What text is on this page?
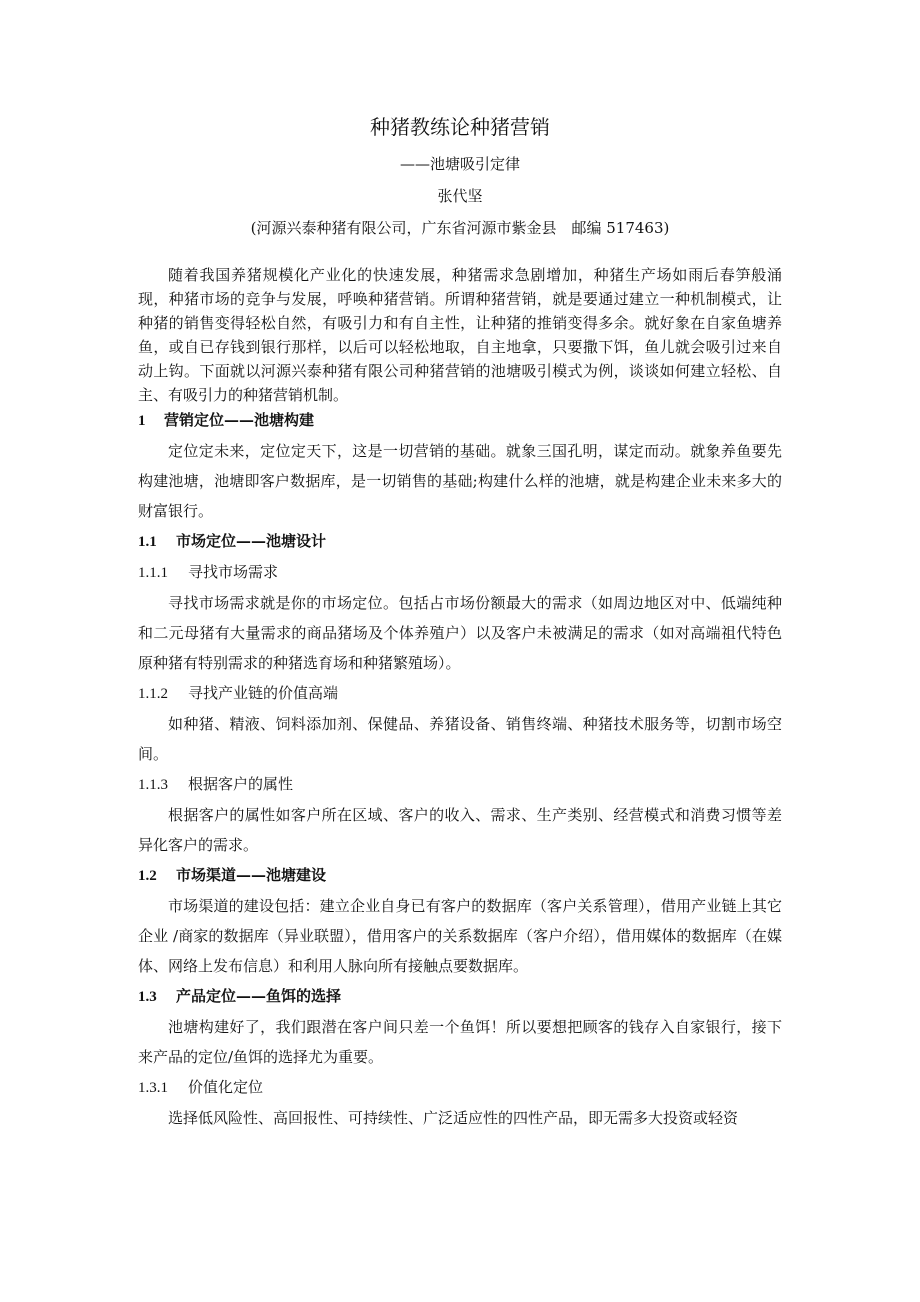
种猪教练论种猪营销
——池塘吸引定律
张代坚
(河源兴泰种猪有限公司，广东省河源市紫金县　邮编 517463)

随着我国养猪规模化产业化的快速发展，种猪需求急剧增加，种猪生产场如雨后春笋般涌现，种猪市场的竞争与发展，呼唤种猪营销。所谓种猪营销，就是要通过建立一种机制模式，让种猪的销售变得轻松自然，有吸引力和有自主性，让种猪的推销变得多余。就好象在自家鱼塘养鱼，或自已存钱到银行那样，以后可以轻松地取，自主地拿，只要撒下饵，鱼儿就会吸引过来自动上钩。下面就以河源兴泰种猪有限公司种猪营销的池塘吸引模式为例，谈谈如何建立轻松、自主、有吸引力的种猪营销机制。

1 营销定位——池塘构建

定位定未来，定位定天下，这是一切营销的基础。就象三国孔明，谋定而动。就象养鱼要先构建池塘，池塘即客户数据库，是一切销售的基础;构建什么样的池塘，就是构建企业未来多大的财富银行。

1.1 市场定位——池塘设计
1.1.1 寻找市场需求

寻找市场需求就是你的市场定位。包括占市场份额最大的需求（如周边地区对中、低端纯种和二元母猪有大量需求的商品猪场及个体养殖户）以及客户未被满足的需求（如对高端祖代特色原种猪有特别需求的种猪选育场和种猪繁殖场）。

1.1.2 寻找产业链的价值高端

如种猪、精液、饲料添加剂、保健品、养猪设备、销售终端、种猪技术服务等，切割市场空间。

1.1.3 根据客户的属性

根据客户的属性如客户所在区域、客户的收入、需求、生产类别、经营模式和消费习惯等差异化客户的需求。

1.2 市场渠道——池塘建设

市场渠道的建设包括：建立企业自身已有客户的数据库（客户关系管理），借用产业链上其它企业 /商家的数据库（异业联盟），借用客户的关系数据库（客户介绍），借用媒体的数据库（在媒体、网络上发布信息）和利用人脉向所有接触点要数据库。

1.3 产品定位——鱼饵的选择

池塘构建好了，我们跟潜在客户间只差一个鱼饵！所以要想把顾客的钱存入自家银行，接下来产品的定位/鱼饵的选择尤为重要。

1.3.1 价值化定位

选择低风险性、高回报性、可持续性、广泛适应性的四性产品，即无需多大投资或轻资
